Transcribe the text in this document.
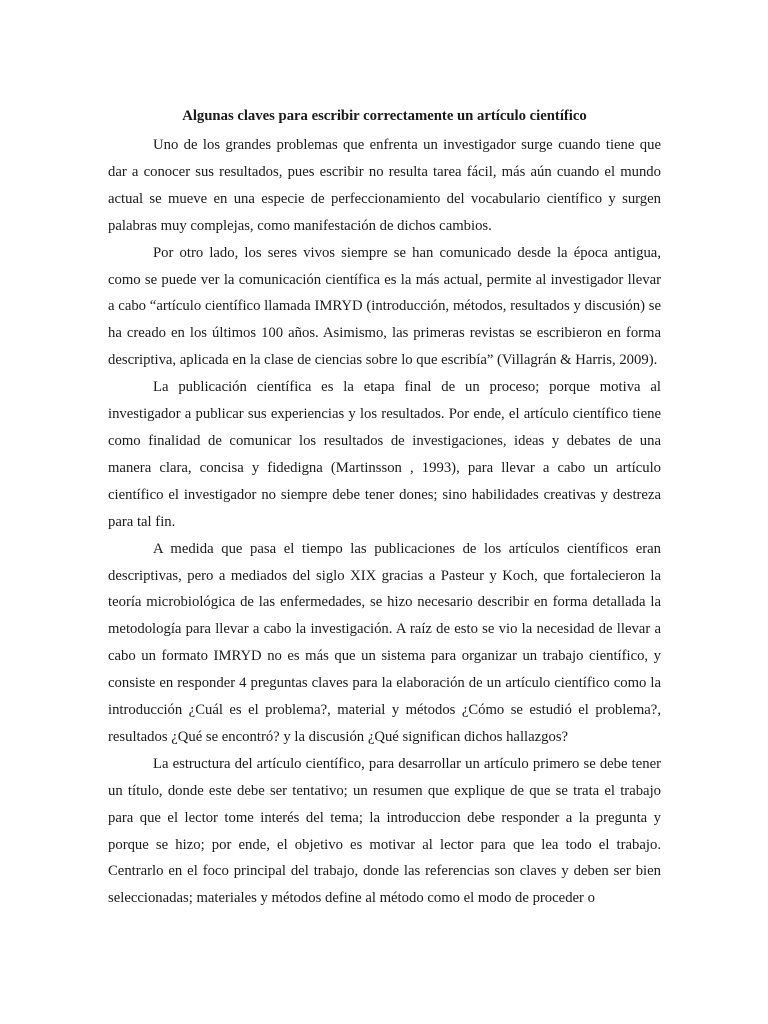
Algunas claves para escribir correctamente un artículo científico

Uno de los grandes problemas que enfrenta un investigador surge cuando tiene que dar a conocer sus resultados, pues escribir no resulta tarea fácil, más aún cuando el mundo actual se mueve en una especie de perfeccionamiento del vocabulario científico y surgen palabras muy complejas, como manifestación de dichos cambios.

Por otro lado, los seres vivos siempre se han comunicado desde la época antigua, como se puede ver la comunicación científica es la más actual, permite al investigador llevar a cabo “artículo científico llamada IMRYD (introducción, métodos, resultados y discusión) se ha creado en los últimos 100 años. Asimismo, las primeras revistas se escribieron en forma descriptiva, aplicada en la clase de ciencias sobre lo que escribía” (Villagrán & Harris, 2009).

La publicación científica es la etapa final de un proceso; porque motiva al investigador a publicar sus experiencias y los resultados. Por ende, el artículo científico tiene como finalidad de comunicar los resultados de investigaciones, ideas y debates de una manera clara, concisa y fidedigna (Martinsson , 1993), para llevar a cabo un artículo científico el investigador no siempre debe tener dones; sino habilidades creativas y destreza para tal fin.

A medida que pasa el tiempo las publicaciones de los artículos científicos eran descriptivas, pero a mediados del siglo XIX gracias a Pasteur y Koch, que fortalecieron la teoría microbiológica de las enfermedades, se hizo necesario describir en forma detallada la metodología para llevar a cabo la investigación. A raíz de esto se vio la necesidad de llevar a cabo un formato IMRYD no es más que un sistema para organizar un trabajo científico, y consiste en responder 4 preguntas claves para la elaboración de un artículo científico como la introducción ¿Cuál es el problema?, material y métodos ¿Cómo se estudió el problema?, resultados ¿Qué se encontró? y la discusión ¿Qué significan dichos hallazgos?

La estructura del artículo científico, para desarrollar un artículo primero se debe tener un título, donde este debe ser tentativo; un resumen que explique de que se trata el trabajo para que el lector tome interés del tema; la introduccion debe responder a la pregunta y porque se hizo; por ende, el objetivo es motivar al lector para que lea todo el trabajo. Centrarlo en el foco principal del trabajo, donde las referencias son claves y deben ser bien seleccionadas; materiales y métodos define al método como el modo de proceder o
